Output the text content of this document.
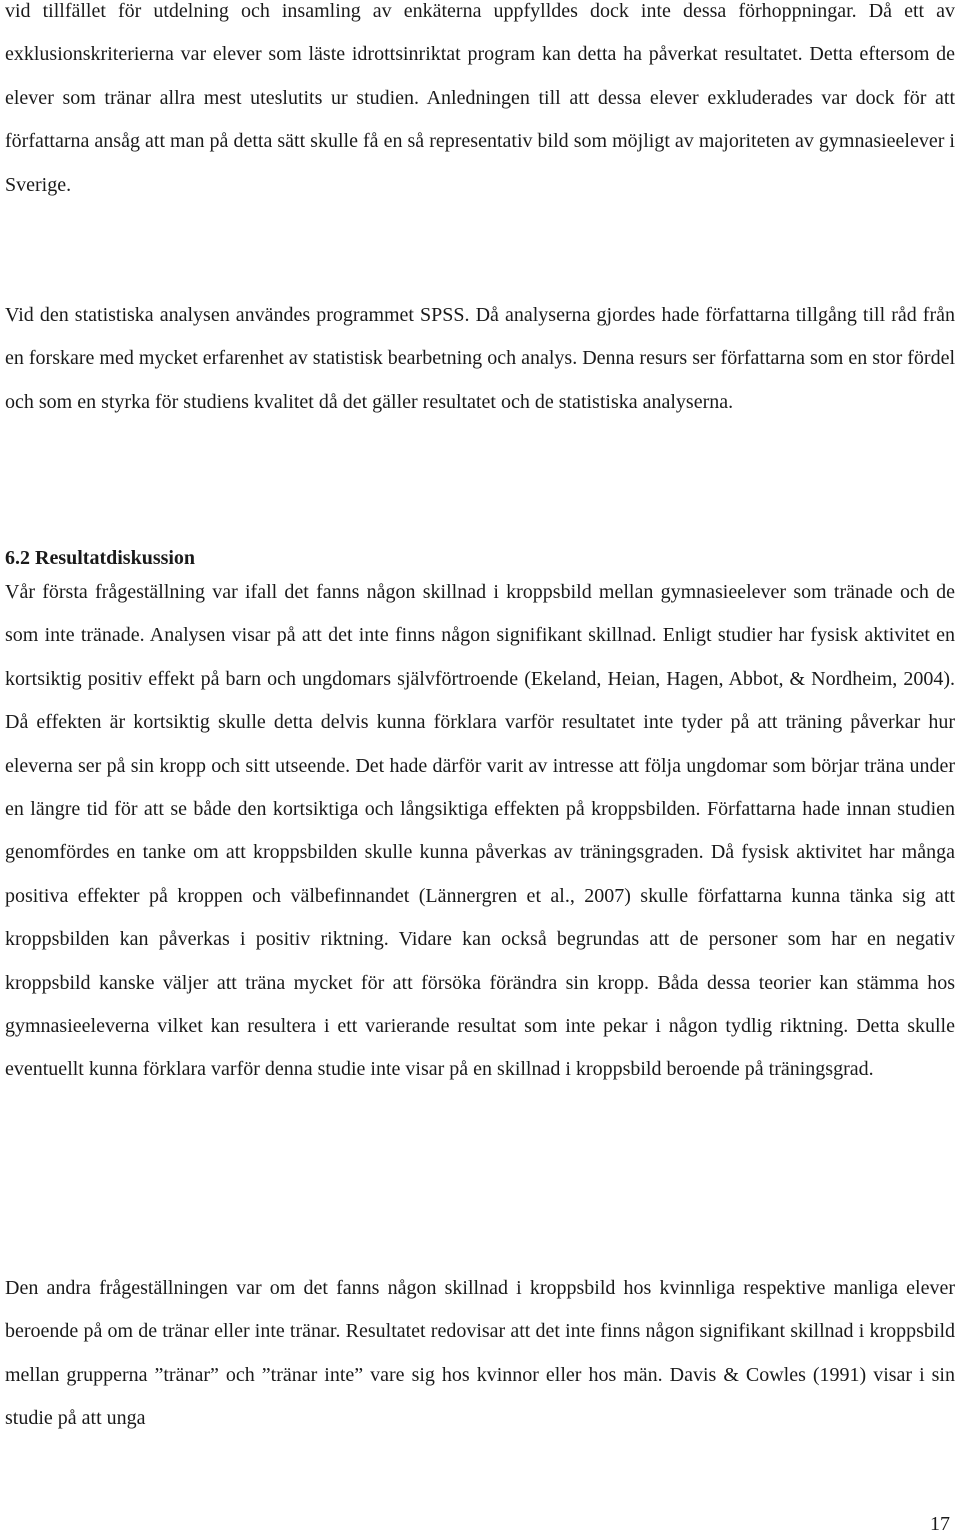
vid tillfället för utdelning och insamling av enkäterna uppfylldes dock inte dessa förhoppningar. Då ett av exklusionskriterierna var elever som läste idrottsinriktat program kan detta ha påverkat resultatet. Detta eftersom de elever som tränar allra mest uteslutits ur studien. Anledningen till att dessa elever exkluderades var dock för att författarna ansåg att man på detta sätt skulle få en så representativ bild som möjligt av majoriteten av gymnasieelever i Sverige.

Vid den statistiska analysen användes programmet SPSS. Då analyserna gjordes hade författarna tillgång till råd från en forskare med mycket erfarenhet av statistisk bearbetning och analys. Denna resurs ser författarna som en stor fördel och som en styrka för studiens kvalitet då det gäller resultatet och de statistiska analyserna.

6.2 Resultatdiskussion

Vår första frågeställning var ifall det fanns någon skillnad i kroppsbild mellan gymnasieelever som tränade och de som inte tränade. Analysen visar på att det inte finns någon signifikant skillnad. Enligt studier har fysisk aktivitet en kortsiktig positiv effekt på barn och ungdomars självförtroende (Ekeland, Heian, Hagen, Abbot, & Nordheim, 2004). Då effekten är kortsiktig skulle detta delvis kunna förklara varför resultatet inte tyder på att träning påverkar hur eleverna ser på sin kropp och sitt utseende. Det hade därför varit av intresse att följa ungdomar som börjar träna under en längre tid för att se både den kortsiktiga och långsiktiga effekten på kroppsbilden. Författarna hade innan studien genomfördes en tanke om att kroppsbilden skulle kunna påverkas av träningsgraden. Då fysisk aktivitet har många positiva effekter på kroppen och välbefinnandet (Lännergren et al., 2007) skulle författarna kunna tänka sig att kroppsbilden kan påverkas i positiv riktning. Vidare kan också begrundas att de personer som har en negativ kroppsbild kanske väljer att träna mycket för att försöka förändra sin kropp. Båda dessa teorier kan stämma hos gymnasieeleverna vilket kan resultera i ett varierande resultat som inte pekar i någon tydlig riktning. Detta skulle eventuellt kunna förklara varför denna studie inte visar på en skillnad i kroppsbild beroende på träningsgrad.

Den andra frågeställningen var om det fanns någon skillnad i kroppsbild hos kvinnliga respektive manliga elever beroende på om de tränar eller inte tränar. Resultatet redovisar att det inte finns någon signifikant skillnad i kroppsbild mellan grupperna ”tränar” och ”tränar inte” vare sig hos kvinnor eller hos män. Davis & Cowles (1991) visar i sin studie på att unga

17
